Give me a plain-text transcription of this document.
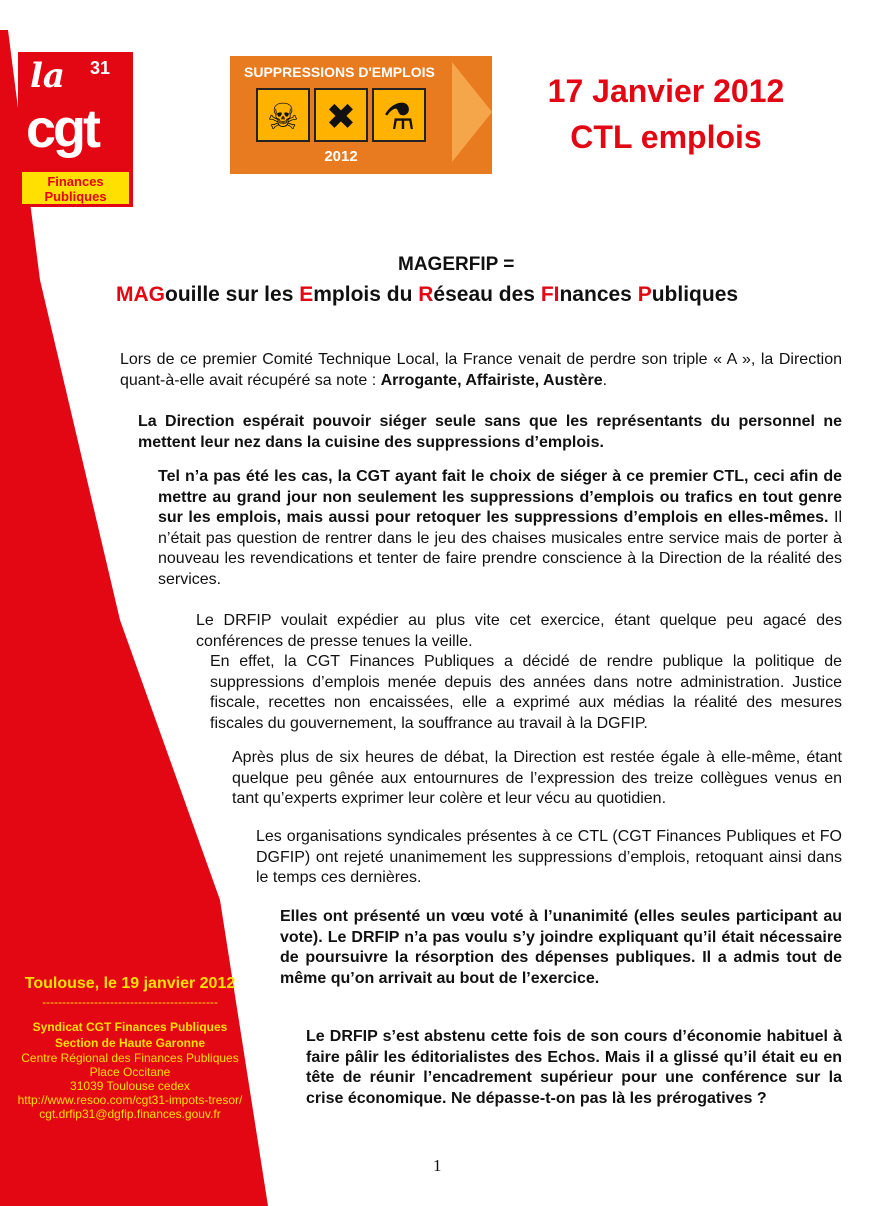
la 31
cgt
Finances
Publiques
SUPPRESSIONS D'EMPLOIS
☠ ✖ ⚗
2012
17 Janvier 2012
CTL emplois
MAGERFIP =
MAGouille sur les Emplois du Réseau des FInances Publiques
Lors de ce premier Comité Technique Local, la France venait de perdre son triple « A », la Direction quant-à-elle avait récupéré sa note : Arrogante, Affairiste, Austère.
La Direction espérait pouvoir siéger seule sans que les représentants du personnel ne mettent leur nez dans la cuisine des suppressions d’emplois.
Tel n’a pas été les cas, la CGT ayant fait le choix de siéger à ce premier CTL, ceci afin de mettre au grand jour non seulement les suppressions d’emplois ou trafics en tout genre sur les emplois, mais aussi pour retoquer les suppressions d’emplois en elles-mêmes. Il n’était pas question de rentrer dans le jeu des chaises musicales entre service mais de porter à nouveau les revendications et tenter de faire prendre conscience à la Direction de la réalité des services.
Le DRFIP voulait expédier au plus vite cet exercice, étant quelque peu agacé des conférences de presse tenues la veille.
En effet, la CGT Finances Publiques a décidé de rendre publique la politique de suppressions d’emplois menée depuis des années dans notre administration. Justice fiscale, recettes non encaissées, elle a exprimé aux médias la réalité des mesures fiscales du gouvernement, la souffrance au travail à la DGFIP.
Après plus de six heures de débat, la Direction est restée égale à elle-même, étant quelque peu gênée aux entournures de l’expression des treize collègues venus en tant qu’experts exprimer leur colère et leur vécu au quotidien.
Les organisations syndicales présentes à ce CTL (CGT Finances Publiques et FO DGFIP) ont rejeté unanimement les suppressions d’emplois, retoquant ainsi dans le temps ces dernières.
Elles ont présenté un vœu voté à l’unanimité (elles seules participant au vote). Le DRFIP n’a pas voulu s’y joindre expliquant qu’il était nécessaire de poursuivre la résorption des dépenses publiques. Il a admis tout de même qu’on arrivait au bout de l’exercice.
Le DRFIP s’est abstenu cette fois de son cours d’économie habituel à faire pâlir les éditorialistes des Echos. Mais il a glissé qu’il était eu en tête de réunir l’encadrement supérieur pour une conférence sur la crise économique. Ne dépasse-t-on pas là les prérogatives ?
Toulouse, le 19 janvier 2012
--------------------------------------------
Syndicat CGT Finances Publiques
Section de Haute Garonne
Centre Régional des Finances Publiques
Place Occitane
31039 Toulouse cedex
http://www.resoo.com/cgt31-impots-tresor/
cgt.drfip31@dgfip.finances.gouv.fr
1
